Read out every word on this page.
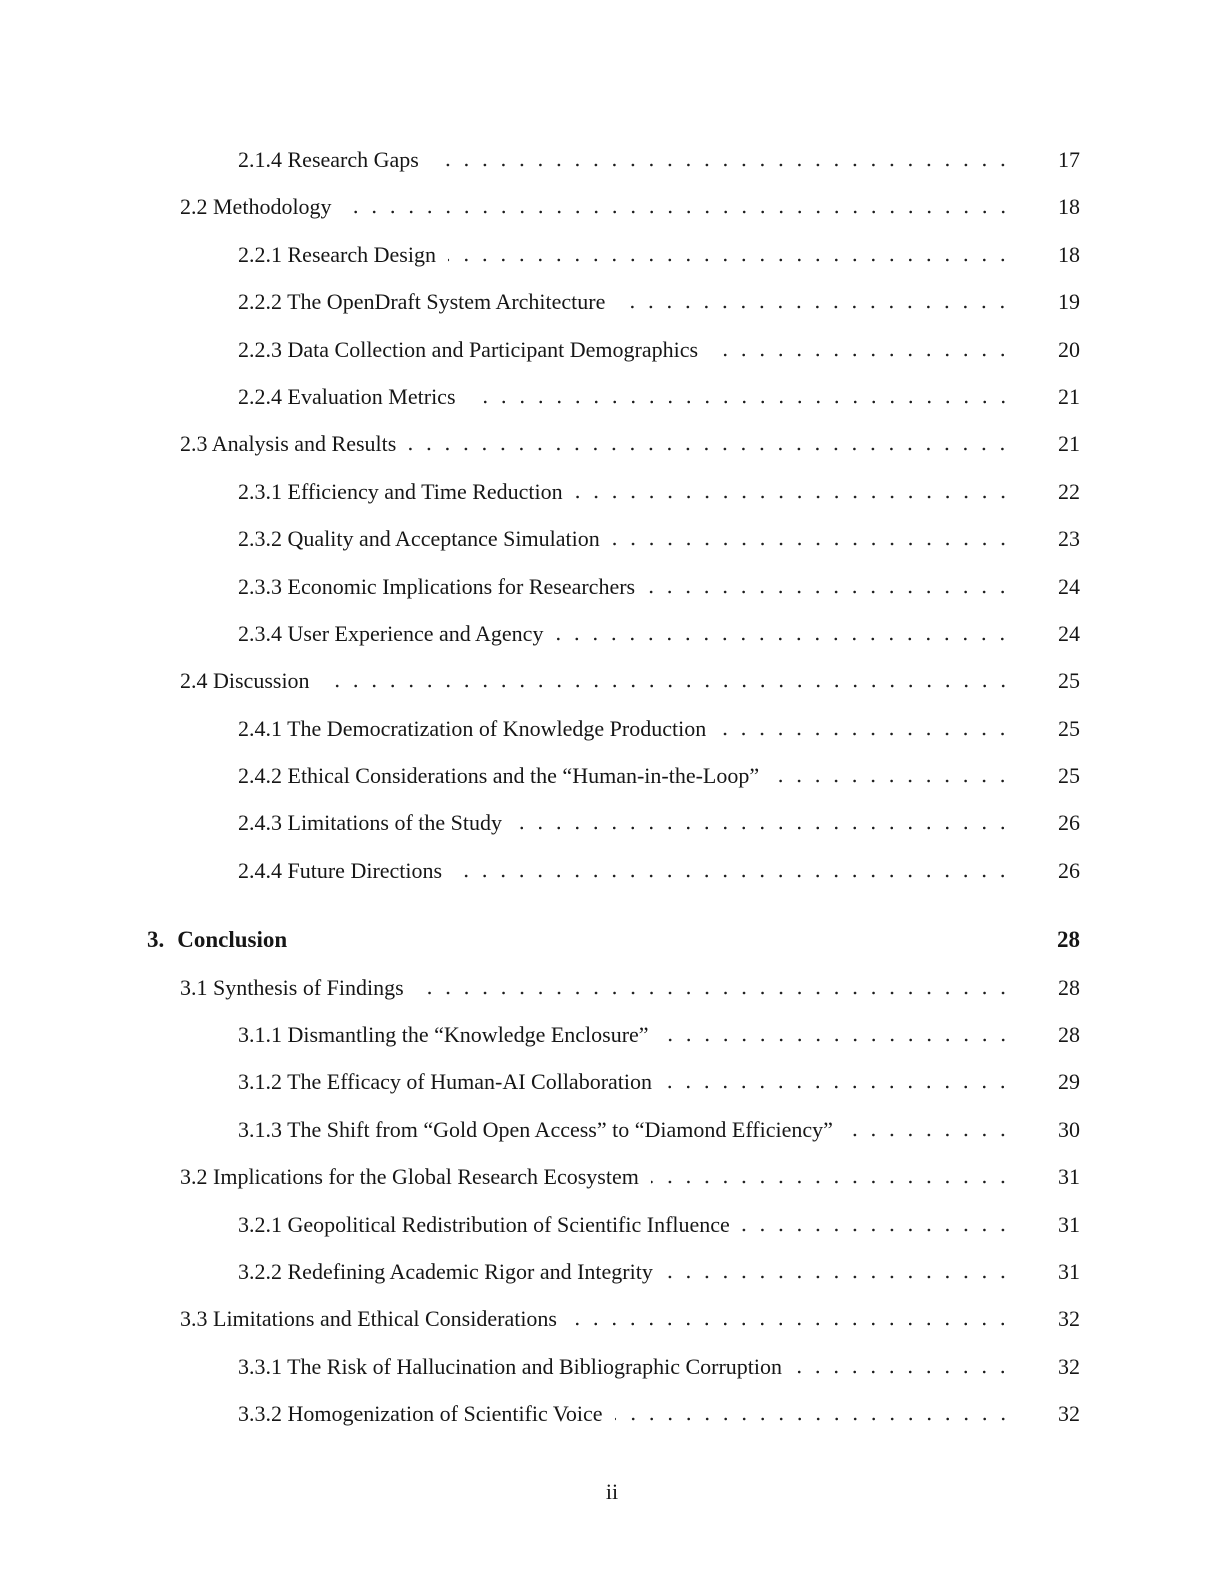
2.1.4 Research Gaps	17
2.2 Methodology	18
2.2.1 Research Design	18
2.2.2 The OpenDraft System Architecture	19
2.2.3 Data Collection and Participant Demographics	20
2.2.4 Evaluation Metrics	21
2.3 Analysis and Results	21
2.3.1 Efficiency and Time Reduction	22
2.3.2 Quality and Acceptance Simulation	23
2.3.3 Economic Implications for Researchers	24
2.3.4 User Experience and Agency	24
2.4 Discussion	25
2.4.1 The Democratization of Knowledge Production	25
2.4.2 Ethical Considerations and the “Human-in-the-Loop”	25
2.4.3 Limitations of the Study	26
2.4.4 Future Directions	26
3. Conclusion	28
3.1 Synthesis of Findings	28
3.1.1 Dismantling the “Knowledge Enclosure”	28
3.1.2 The Efficacy of Human-AI Collaboration	29
3.1.3 The Shift from “Gold Open Access” to “Diamond Efficiency”	30
3.2 Implications for the Global Research Ecosystem	31
3.2.1 Geopolitical Redistribution of Scientific Influence	31
3.2.2 Redefining Academic Rigor and Integrity	31
3.3 Limitations and Ethical Considerations	32
3.3.1 The Risk of Hallucination and Bibliographic Corruption	32
3.3.2 Homogenization of Scientific Voice	32
ii
